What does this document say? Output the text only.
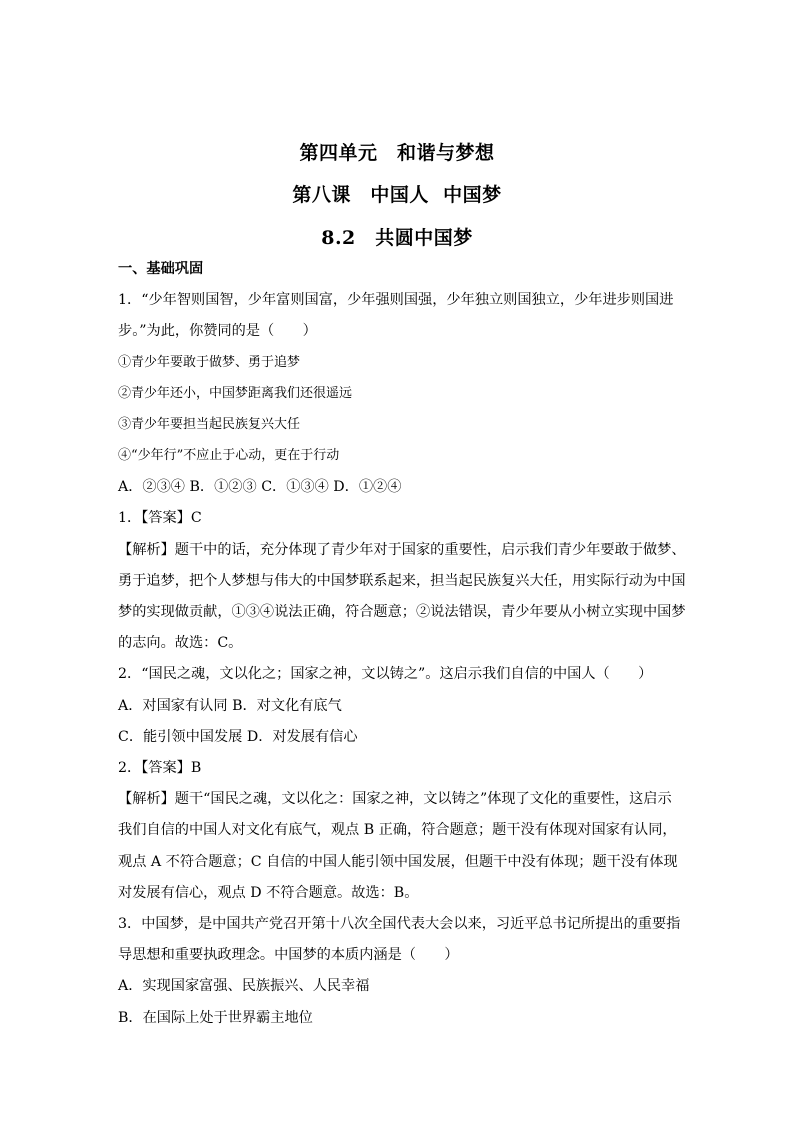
第四单元　和谐与梦想
第八课　中国人  中国梦
8.2　共圆中国梦
一、基础巩固
1．“少年智则国智，少年富则国富，少年强则国强，少年独立则国独立，少年进步则国进
步。”为此，你赞同的是（　　）
①青少年要敢于做梦、勇于追梦
②青少年还小，中国梦距离我们还很遥远
③青少年要担当起民族复兴大任
④“少年行”不应止于心动，更在于行动
A．②③④ B．①②③ C．①③④ D．①②④
1．【答案】C
【解析】题干中的话，充分体现了青少年对于国家的重要性，启示我们青少年要敢于做梦、
勇于追梦，把个人梦想与伟大的中国梦联系起来，担当起民族复兴大任，用实际行动为中国
梦的实现做贡献，①③④说法正确，符合题意；②说法错误，青少年要从小树立实现中国梦
的志向。故选：C。
2．“国民之魂，文以化之；国家之神，文以铸之”。这启示我们自信的中国人（　　）
A．对国家有认同 B．对文化有底气
C．能引领中国发展 D．对发展有信心
2．【答案】B
【解析】题干“国民之魂，文以化之：国家之神，文以铸之”体现了文化的重要性，这启示
我们自信的中国人对文化有底气，观点 B 正确，符合题意；题干没有体现对国家有认同，
观点 A 不符合题意；C 自信的中国人能引领中国发展，但题干中没有体现；题干没有体现
对发展有信心，观点 D 不符合题意。故选：B。
3．中国梦，是中国共产党召开第十八次全国代表大会以来，习近平总书记所提出的重要指
导思想和重要执政理念。中国梦的本质内涵是（　　）
A．实现国家富强、民族振兴、人民幸福
B．在国际上处于世界霸主地位
